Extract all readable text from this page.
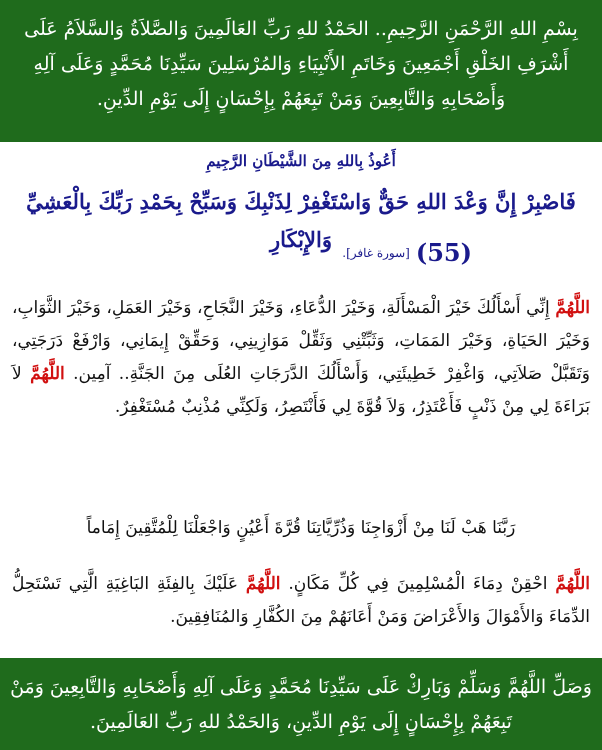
بِسْمِ اللهِ الرَّحْمَنِ الرَّحِيمِ.. الحَمْدُ للهِ رَبِّ العَالَمِينَ وَالصَّلاَةُ وَالسَّلاَمُ عَلَى أَشْرَفِ الخَلْقِ أَجْمَعِينَ وَخَاتَمِ الأَنْبِيَاءِ وَالمُرْسَلِينَ سَيِّدِنَا مُحَمَّدٍ وَعَلَى آلِهِ وَأَصْحَابِهِ وَالتَّابِعِينَ وَمَنْ تَبِعَهُمْ بِإِحْسَانٍ إِلَى يَوْمِ الدِّينِ.
أَعُوذُ بِاللهِ مِنَ الشَّيْطَانِ الرَّجِيمِ
فَاصْبِرْ إِنَّ وَعْدَ اللهِ حَقٌّ وَاسْتَغْفِرْ لِذَنْبِكَ وَسَبِّحْ بِحَمْدِ رَبِّكَ بِالْعَشِيِّ وَالإِبْكَارِ	(55)
[سورة غافر].
اللَّهُمَّ إِنِّي أَسْأَلُكَ خَيْرَ الْمَسْأَلَةِ، وَخَيْرَ الدُّعَاءِ، وَخَيْرَ النَّجَاحِ، وَخَيْرَ العَمَلِ، وَخَيْرَ الثَّوَابِ، وَخَيْرَ الحَيَاةِ، وَخَيْرَ المَمَاتِ، وَثَبِّتْنِي وَثَقِّلْ مَوَازِينِي، وَحَقِّقْ إِيمَانِي، وَارْفَعْ دَرَجَتِي، وَتَقَبَّلْ صَلاَتِي، وَاغْفِرْ خَطِيئَتِي، وَأَسْأَلُكَ الدَّرَجَاتِ العُلَى مِنَ الجَنَّةِ.. آمِين. اللَّهُمَّ لاَ بَرَاءَةَ لِي مِنْ ذَنْبٍ فَأَعْتَذِرُ، وَلاَ قُوَّةَ لِي فَأَنْتَصِرُ، وَلَكِنِّي مُذْنِبٌ مُسْتَغْفِرٌ.
رَبَّنَا هَبْ لَنَا مِنْ أَزْوَاجِنَا وَذُرِّيَّاتِنَا قُرَّةَ أَعْيُنٍ وَاجْعَلْنَا لِلْمُتَّقِينَ إِمَاماً
اللَّهُمَّ احْقِنْ دِمَاءَ الْمُسْلِمِينَ فِي كُلِّ مَكَانٍ. اللَّهُمَّ عَلَيْكَ بِالفِئَةِ البَاغِيَةِ الَّتِي تَسْتَحِلُّ الدِّمَاءَ وَالأَمْوَالَ وَالأَعْرَاضَ وَمَنْ أَعَانَهُمْ مِنَ الكُفَّارِ وَالمُنَافِقِينَ.
وَصَلِّ اللَّهُمَّ وَسَلِّمْ وَبَارِكْ عَلَى سَيِّدِنَا مُحَمَّدٍ وَعَلَى آلِهِ وَأَصْحَابِهِ وَالتَّابِعِينَ وَمَنْ تَبِعَهُمْ بِإِحْسَانٍ إِلَى يَوْمِ الدِّينِ، وَالحَمْدُ للهِ رَبِّ العَالَمِينَ.
